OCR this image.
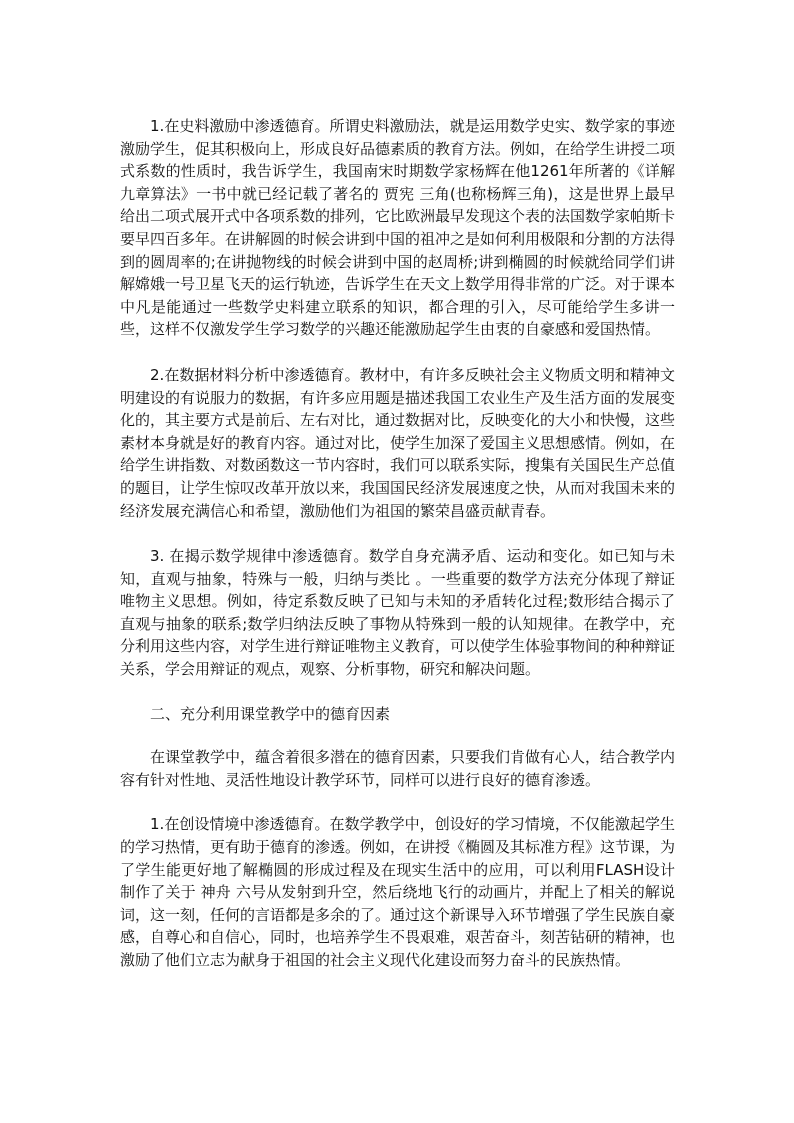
1.在史料激励中渗透德育。所谓史料激励法，就是运用数学史实、数学家的事迹激励学生，促其积极向上，形成良好品德素质的教育方法。例如，在给学生讲授二项式系数的性质时，我告诉学生，我国南宋时期数学家杨辉在他1261年所著的《详解九章算法》一书中就已经记载了著名的 贾宪 三角(也称杨辉三角)，这是世界上最早给出二项式展开式中各项系数的排列，它比欧洲最早发现这个表的法国数学家帕斯卡要早四百多年。在讲解圆的时候会讲到中国的祖冲之是如何利用极限和分割的方法得到的圆周率的;在讲抛物线的时候会讲到中国的赵周桥;讲到椭圆的时候就给同学们讲解嫦娥一号卫星飞天的运行轨迹，告诉学生在天文上数学用得非常的广泛。对于课本中凡是能通过一些数学史料建立联系的知识，都合理的引入，尽可能给学生多讲一些，这样不仅激发学生学习数学的兴趣还能激励起学生由衷的自豪感和爱国热情。

2.在数据材料分析中渗透德育。教材中，有许多反映社会主义物质文明和精神文明建设的有说服力的数据，有许多应用题是描述我国工农业生产及生活方面的发展变化的，其主要方式是前后、左右对比，通过数据对比，反映变化的大小和快慢，这些素材本身就是好的教育内容。通过对比，使学生加深了爱国主义思想感情。例如，在给学生讲指数、对数函数这一节内容时，我们可以联系实际，搜集有关国民生产总值的题目，让学生惊叹改革开放以来，我国国民经济发展速度之快，从而对我国未来的经济发展充满信心和希望，激励他们为祖国的繁荣昌盛贡献青春。

3. 在揭示数学规律中渗透德育。数学自身充满矛盾、运动和变化。如已知与未知，直观与抽象，特殊与一般，归纳与类比 。一些重要的数学方法充分体现了辩证唯物主义思想。例如，待定系数反映了已知与未知的矛盾转化过程;数形结合揭示了直观与抽象的联系;数学归纳法反映了事物从特殊到一般的认知规律。在教学中，充分利用这些内容，对学生进行辩证唯物主义教育，可以使学生体验事物间的种种辩证关系，学会用辩证的观点，观察、分析事物，研究和解决问题。

二、充分利用课堂教学中的德育因素

在课堂教学中，蕴含着很多潜在的德育因素，只要我们肯做有心人，结合教学内容有针对性地、灵活性地设计教学环节，同样可以进行良好的德育渗透。

1.在创设情境中渗透德育。在数学教学中，创设好的学习情境，不仅能激起学生的学习热情，更有助于德育的渗透。例如，在讲授《椭圆及其标准方程》这节课，为了学生能更好地了解椭圆的形成过程及在现实生活中的应用，可以利用FLASH设计制作了关于 神舟 六号从发射到升空，然后绕地飞行的动画片，并配上了相关的解说词，这一刻，任何的言语都是多余的了。通过这个新课导入环节增强了学生民族自豪感，自尊心和自信心，同时，也培养学生不畏艰难，艰苦奋斗，刻苦钻研的精神，也激励了他们立志为献身于祖国的社会主义现代化建设而努力奋斗的民族热情。
